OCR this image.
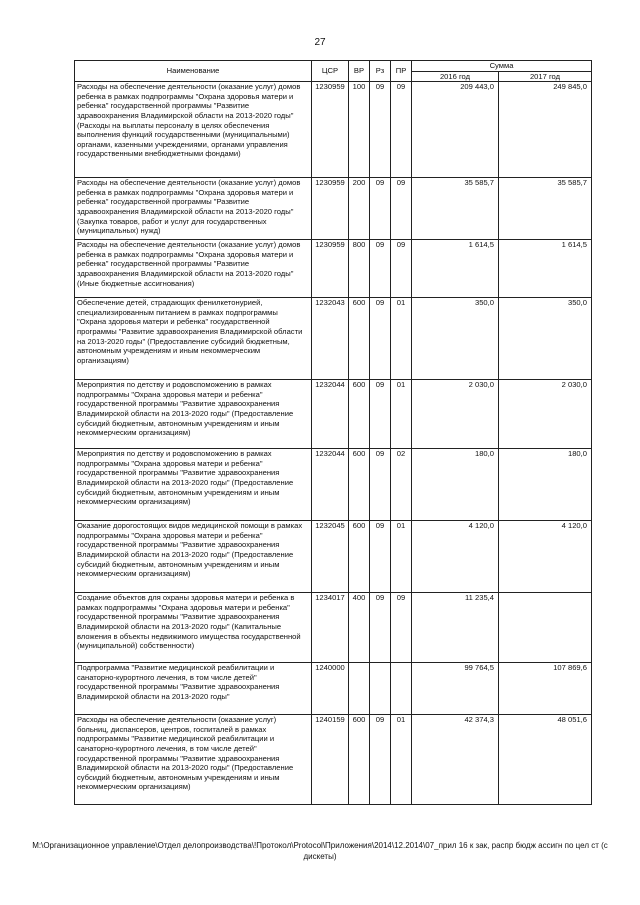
27
Наименование	ЦСР	ВР	Рз	ПР	Сумма	
					2016 год	2017 год
Расходы на обеспечение деятельности (оказание услуг) домов ребенка в рамках подпрограммы "Охрана здоровья матери и ребенка" государственной программы "Развитие здравоохранения Владимирской области на 2013-2020 годы" (Расходы на выплаты персоналу в целях обеспечения выполнения функций государственными (муниципальными) органами, казенными учреждениями, органами управления государственными внебюджетными фондами)	1230959	100	09	09	209 443,0	249 845,0
Расходы на обеспечение деятельности (оказание услуг) домов ребенка в рамках подпрограммы "Охрана здоровья матери и ребенка" государственной программы "Развитие здравоохранения Владимирской области на 2013-2020 годы" (Закупка товаров, работ и услуг для государственных (муниципальных) нужд)	1230959	200	09	09	35 585,7	35 585,7
Расходы на обеспечение деятельности (оказание услуг) домов ребенка в рамках подпрограммы "Охрана здоровья матери и ребенка" государственной программы "Развитие здравоохранения Владимирской области на 2013-2020 годы" (Иные бюджетные ассигнования)	1230959	800	09	09	1 614,5	1 614,5
Обеспечение детей, страдающих фенилкетонурией, специализированным питанием в рамках подпрограммы "Охрана здоровья матери и ребенка" государственной программы "Развитие здравоохранения Владимирской области на 2013-2020 годы" (Предоставление субсидий бюджетным, автономным учреждениям и иным некоммерческим организациям)	1232043	600	09	01	350,0	350,0
Мероприятия по детству и родовспоможению в рамках подпрограммы "Охрана здоровья матери и ребенка" государственной программы "Развитие здравоохранения Владимирской области на 2013-2020 годы" (Предоставление субсидий бюджетным, автономным учреждениям и иным некоммерческим организациям)	1232044	600	09	01	2 030,0	2 030,0
Мероприятия по детству и родовспоможению в рамках подпрограммы "Охрана здоровья матери и ребенка" государственной программы "Развитие здравоохранения Владимирской области на 2013-2020 годы" (Предоставление субсидий бюджетным, автономным учреждениям и иным некоммерческим организациям)	1232044	600	09	02	180,0	180,0
Оказание дорогостоящих видов медицинской помощи в рамках подпрограммы "Охрана здоровья матери и ребенка" государственной программы "Развитие здравоохранения Владимирской области на 2013-2020 годы" (Предоставление субсидий бюджетным, автономным учреждениям и иным некоммерческим организациям)	1232045	600	09	01	4 120,0	4 120,0
Создание объектов для охраны здоровья матери и ребенка в рамках подпрограммы "Охрана здоровья матери и ребенка" государственной программы "Развитие здравоохранения Владимирской области на 2013-2020 годы" (Капитальные вложения в объекты недвижимого имущества государственной (муниципальной) собственности)	1234017	400	09	09	11 235,4	
Подпрограмма "Развитие медицинской реабилитации и санаторно-курортного лечения, в том числе детей" государственной программы "Развитие здравоохранения Владимирской области на 2013-2020 годы"	1240000				99 764,5	107 869,6
Расходы на обеспечение деятельности (оказание услуг) больниц, диспансеров, центров, госпиталей в рамках подпрограммы "Развитие медицинской реабилитации и санаторно-курортного лечения, в том числе детей" государственной программы "Развитие здравоохранения Владимирской области на 2013-2020 годы" (Предоставление субсидий бюджетным, автономным учреждениям и иным некоммерческим организациям)	1240159	600	09	01	42 374,3	48 051,6
М:\Организационное управление\Отдел делопроизводства\!Протокол\Protocol\Приложения\2014\12.2014\07_прил 16 к зак, распр бюдж ассигн по цел ст (с дискеты)
